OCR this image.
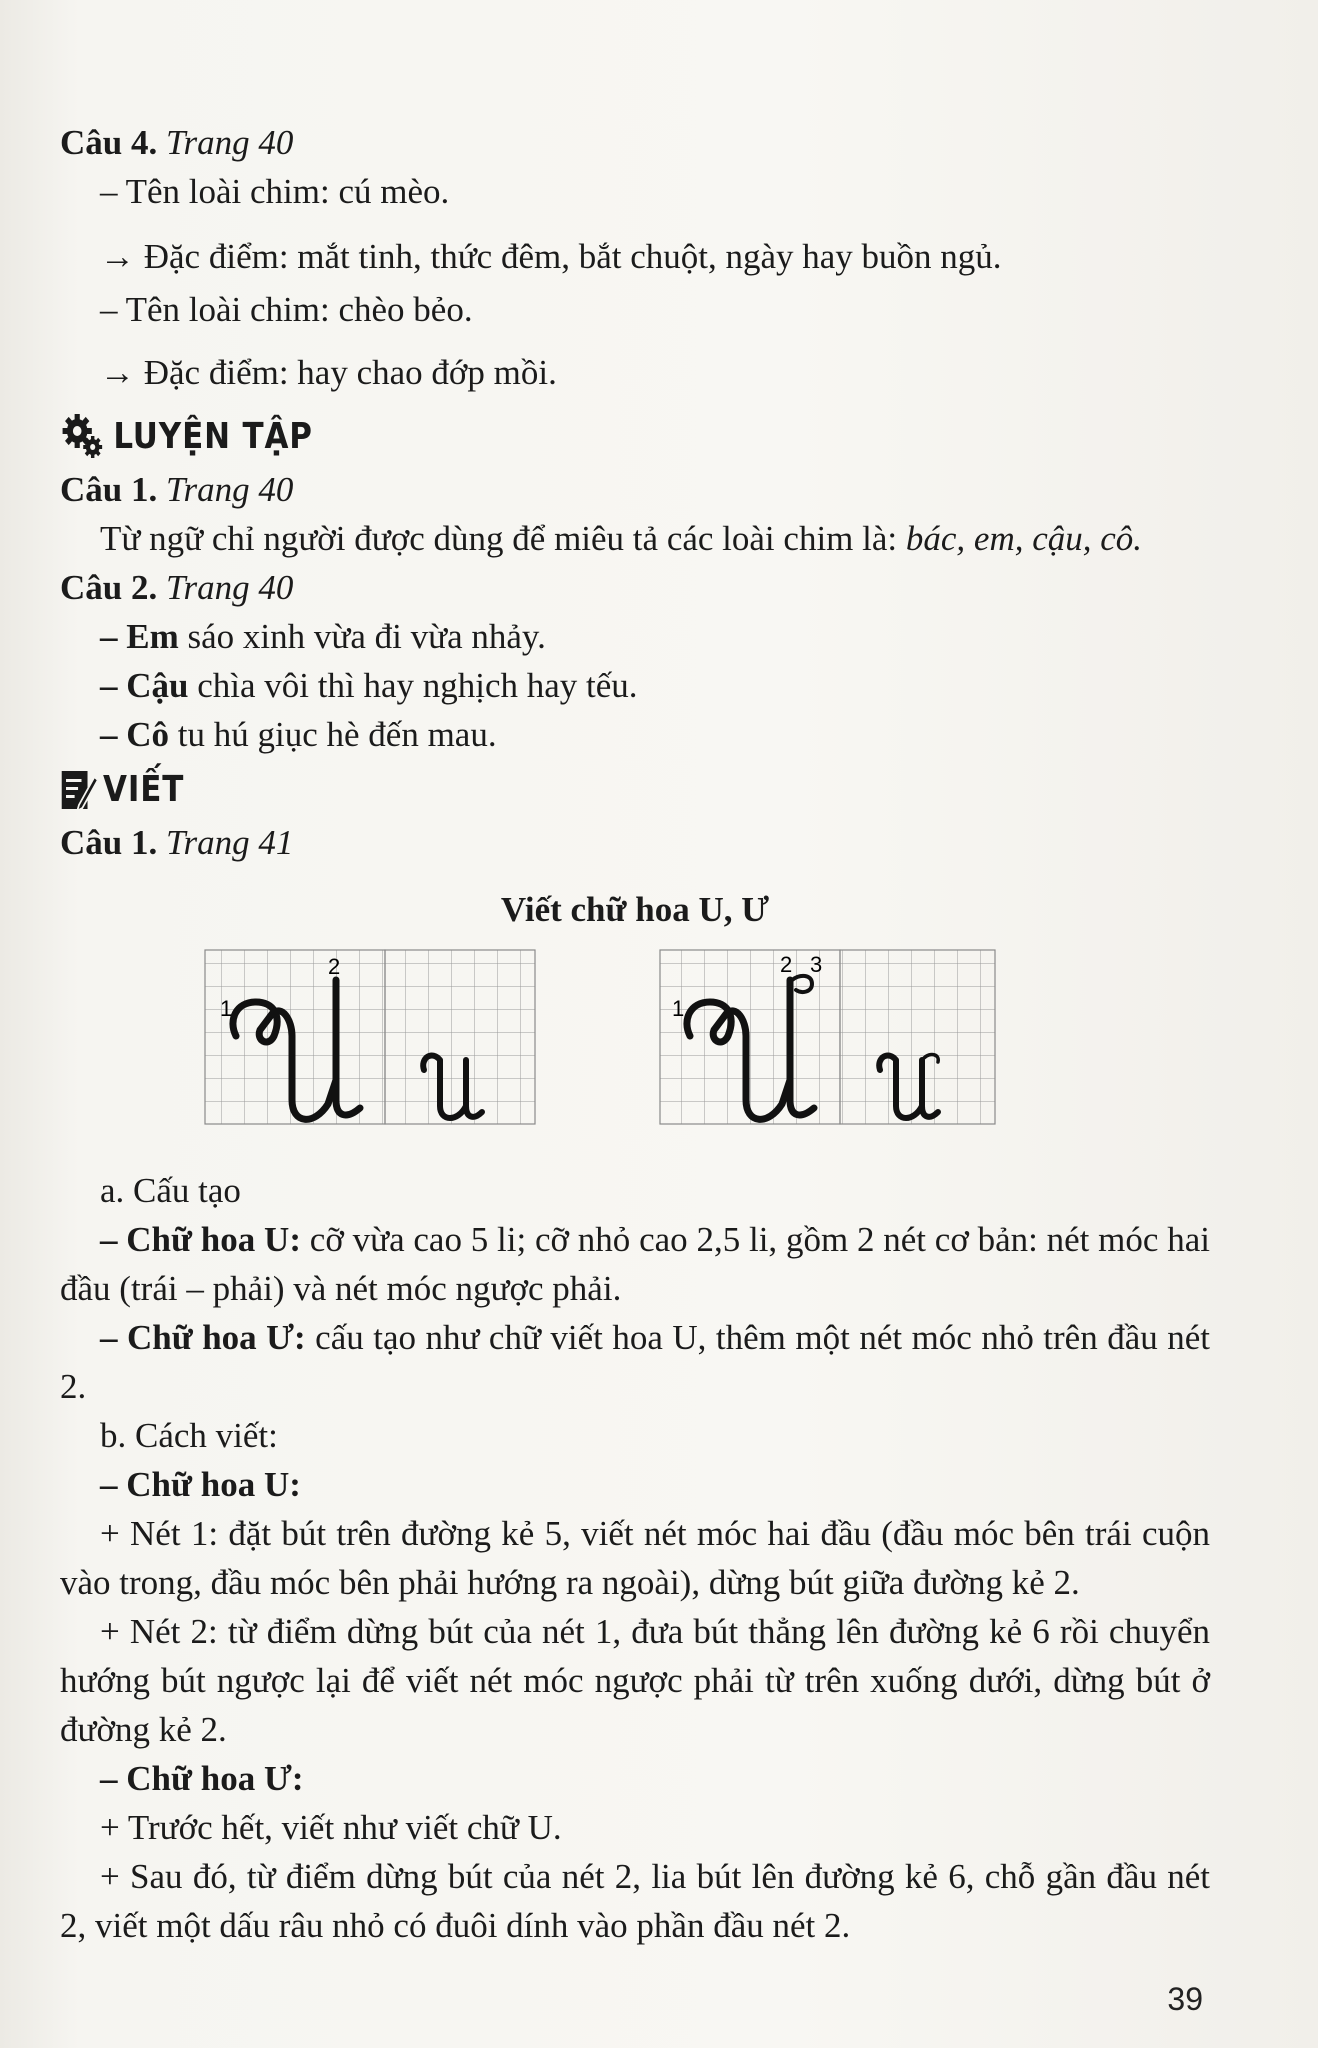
Câu 4. Trang 40

– Tên loài chim: cú mèo.

→ Đặc điểm: mắt tinh, thức đêm, bắt chuột, ngày hay buồn ngủ.

– Tên loài chim: chèo bẻo.

→ Đặc điểm: hay chao đớp mồi.

LUYỆN TẬP

Câu 1. Trang 40

Từ ngữ chỉ người được dùng để miêu tả các loài chim là: bác, em, cậu, cô.

Câu 2. Trang 40

– Em sáo xinh vừa đi vừa nhảy.

– Cậu chìa vôi thì hay nghịch hay tếu.

– Cô tu hú giục hè đến mau.

VIẾT

Câu 1. Trang 41

Viết chữ hoa U, Ư

1
2
1
2 3

a. Cấu tạo

– Chữ hoa U: cỡ vừa cao 5 li; cỡ nhỏ cao 2,5 li, gồm 2 nét cơ bản: nét móc hai đầu (trái – phải) và nét móc ngược phải.

– Chữ hoa Ư: cấu tạo như chữ viết hoa U, thêm một nét móc nhỏ trên đầu nét 2.

b. Cách viết:

– Chữ hoa U:

+ Nét 1: đặt bút trên đường kẻ 5, viết nét móc hai đầu (đầu móc bên trái cuộn vào trong, đầu móc bên phải hướng ra ngoài), dừng bút giữa đường kẻ 2.

+ Nét 2: từ điểm dừng bút của nét 1, đưa bút thẳng lên đường kẻ 6 rồi chuyển hướng bút ngược lại để viết nét móc ngược phải từ trên xuống dưới, dừng bút ở đường kẻ 2.

– Chữ hoa Ư:

+ Trước hết, viết như viết chữ U.

+ Sau đó, từ điểm dừng bút của nét 2, lia bút lên đường kẻ 6, chỗ gần đầu nét 2, viết một dấu râu nhỏ có đuôi dính vào phần đầu nét 2.

39
